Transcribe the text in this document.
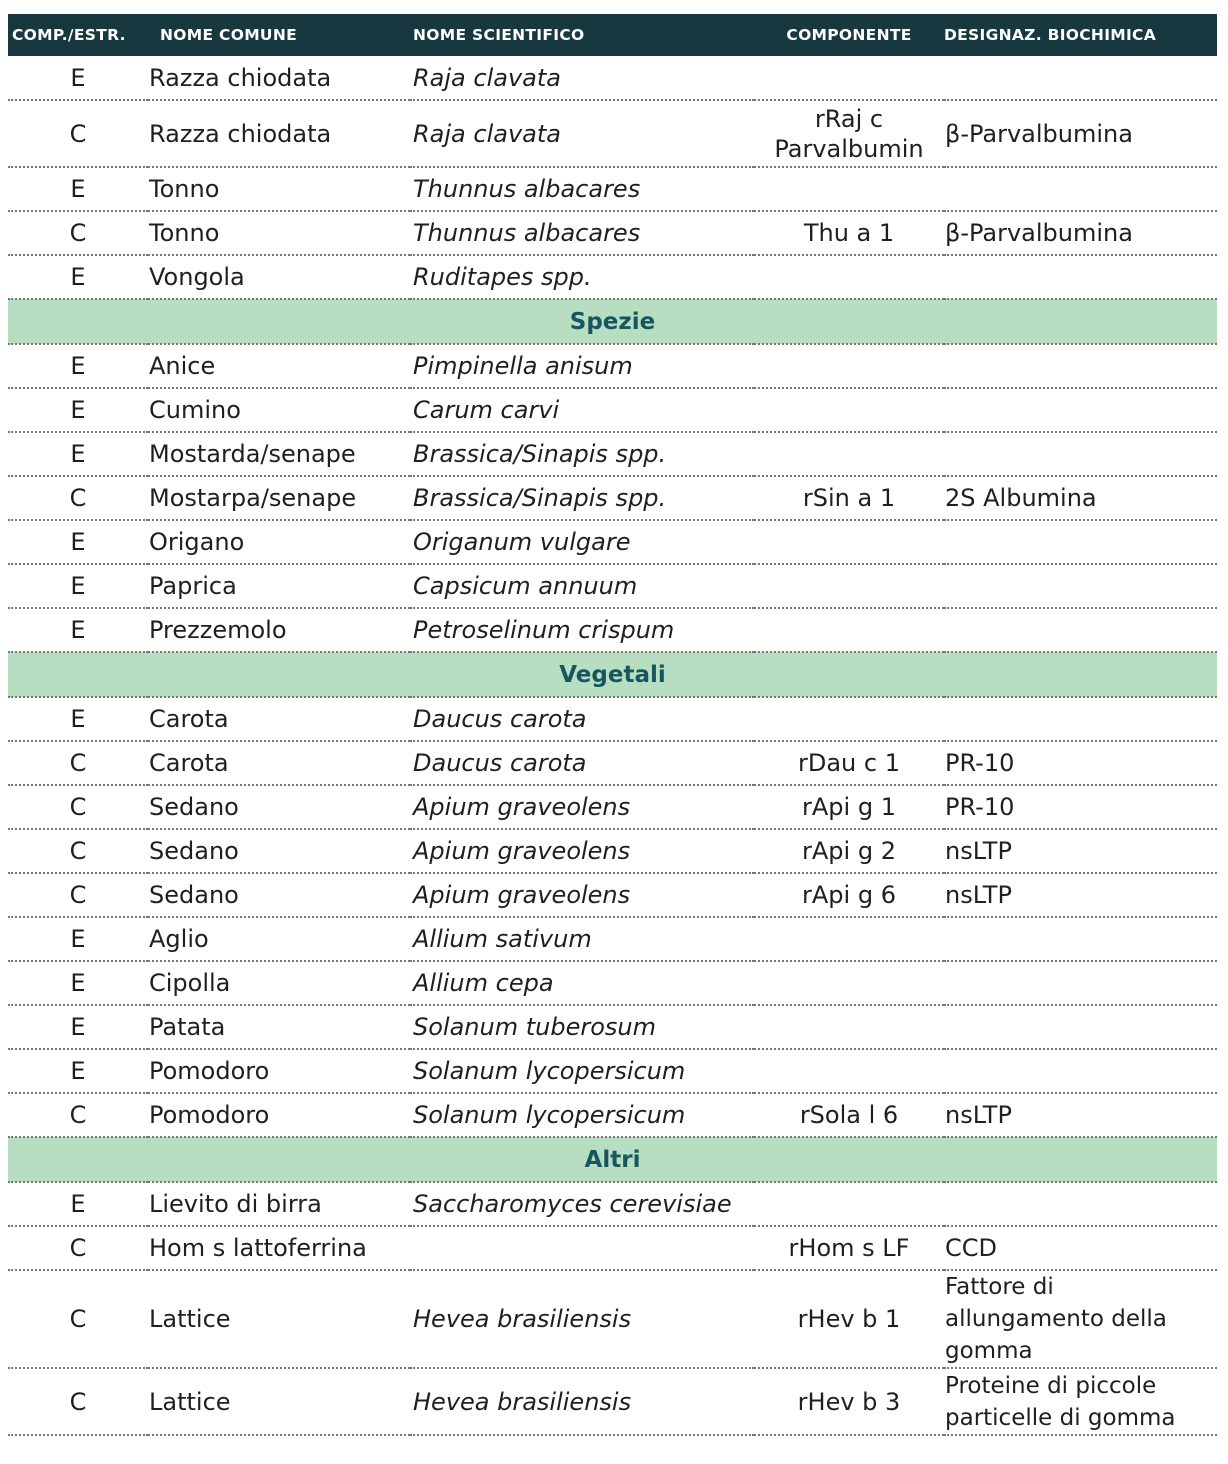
COMP./ESTR.	NOME COMUNE	NOME SCIENTIFICO	COMPONENTE	DESIGNAZ. BIOCHIMICA
E	Razza chiodata	Raja clavata		
C	Razza chiodata	Raja clavata	rRaj c Parvalbumin	β-Parvalbumina
E	Tonno	Thunnus albacares		
C	Tonno	Thunnus albacares	Thu a 1	β-Parvalbumina
E	Vongola	Ruditapes spp.		
Spezie				
E	Anice	Pimpinella anisum		
E	Cumino	Carum carvi		
E	Mostarda/senape	Brassica/Sinapis spp.		
C	Mostarpa/senape	Brassica/Sinapis spp.	rSin a 1	2S Albumina
E	Origano	Origanum vulgare		
E	Paprica	Capsicum annuum		
E	Prezzemolo	Petroselinum crispum		
Vegetali				
E	Carota	Daucus carota		
C	Carota	Daucus carota	rDau c 1	PR-10
C	Sedano	Apium graveolens	rApi g 1	PR-10
C	Sedano	Apium graveolens	rApi g 2	nsLTP
C	Sedano	Apium graveolens	rApi g 6	nsLTP
E	Aglio	Allium sativum		
E	Cipolla	Allium cepa		
E	Patata	Solanum tuberosum		
E	Pomodoro	Solanum lycopersicum		
C	Pomodoro	Solanum lycopersicum	rSola l 6	nsLTP
Altri				
E	Lievito di birra	Saccharomyces cerevisiae		
C	Hom s lattoferrina		rHom s LF	CCD
C	Lattice	Hevea brasiliensis	rHev b 1	Fattore di allungamento della gomma
C	Lattice	Hevea brasiliensis	rHev b 3	Proteine di piccole particelle di gomma
